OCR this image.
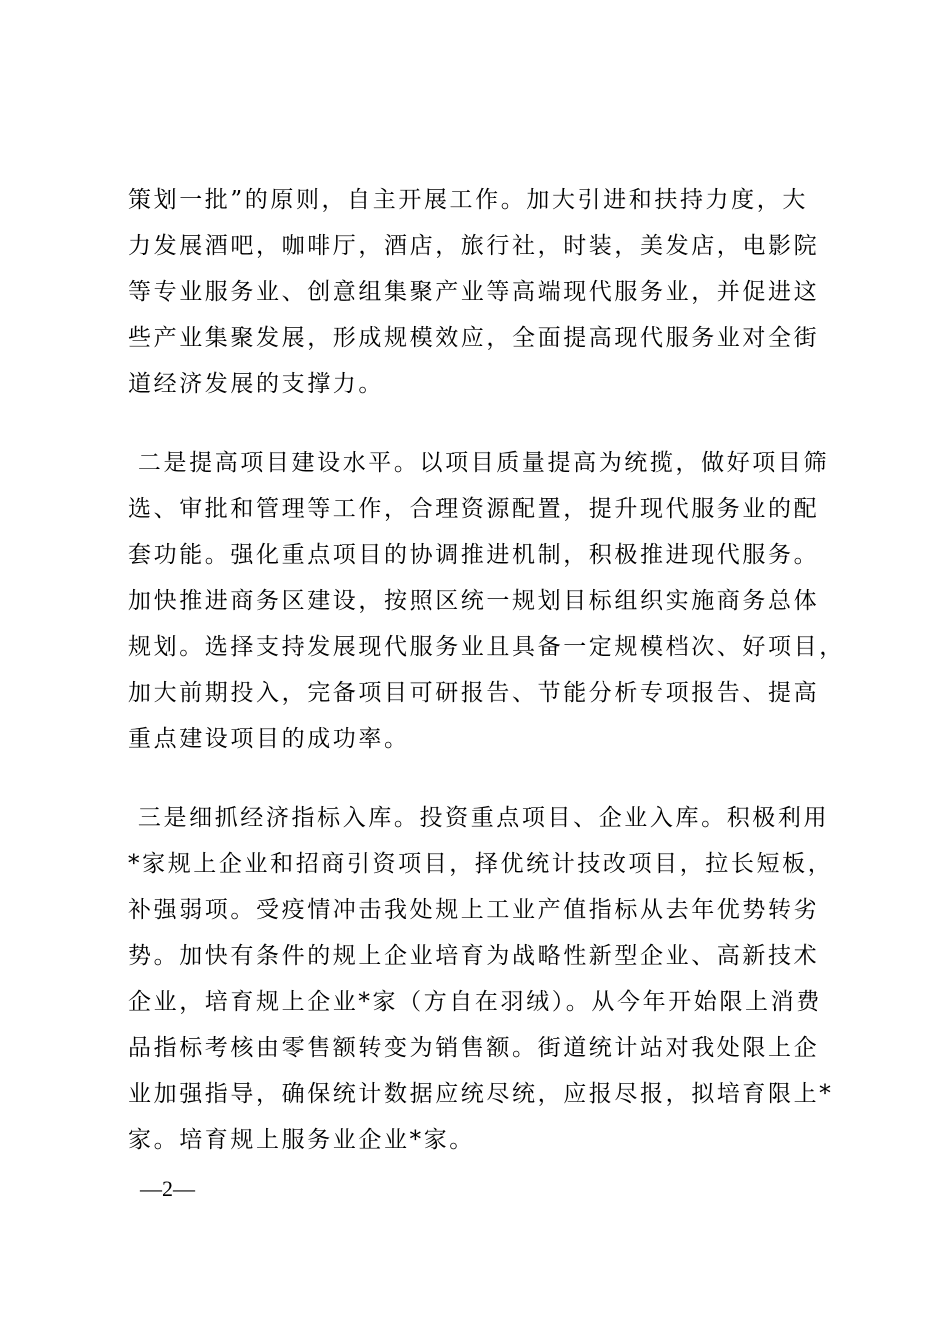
策划一批”的原则，自主开展工作。加大引进和扶持力度，大
力发展酒吧，咖啡厅，酒店，旅行社，时装，美发店，电影院
等专业服务业、创意组集聚产业等高端现代服务业，并促进这
些产业集聚发展，形成规模效应，全面提高现代服务业对全街
道经济发展的支撑力。
二是提高项目建设水平。以项目质量提高为统揽，做好项目筛
选、审批和管理等工作，合理资源配置，提升现代服务业的配
套功能。强化重点项目的协调推进机制，积极推进现代服务。
加快推进商务区建设，按照区统一规划目标组织实施商务总体
规划。选择支持发展现代服务业且具备一定规模档次、好项目，
加大前期投入，完备项目可研报告、节能分析专项报告、提高
重点建设项目的成功率。
三是细抓经济指标入库。投资重点项目、企业入库。积极利用
*家规上企业和招商引资项目，择优统计技改项目，拉长短板，
补强弱项。受疫情冲击我处规上工业产值指标从去年优势转劣
势。加快有条件的规上企业培育为战略性新型企业、高新技术
企业，培育规上企业*家（方自在羽绒）。从今年开始限上消费
品指标考核由零售额转变为销售额。街道统计站对我处限上企
业加强指导，确保统计数据应统尽统，应报尽报，拟培育限上*
家。培育规上服务业企业*家。
—2—
